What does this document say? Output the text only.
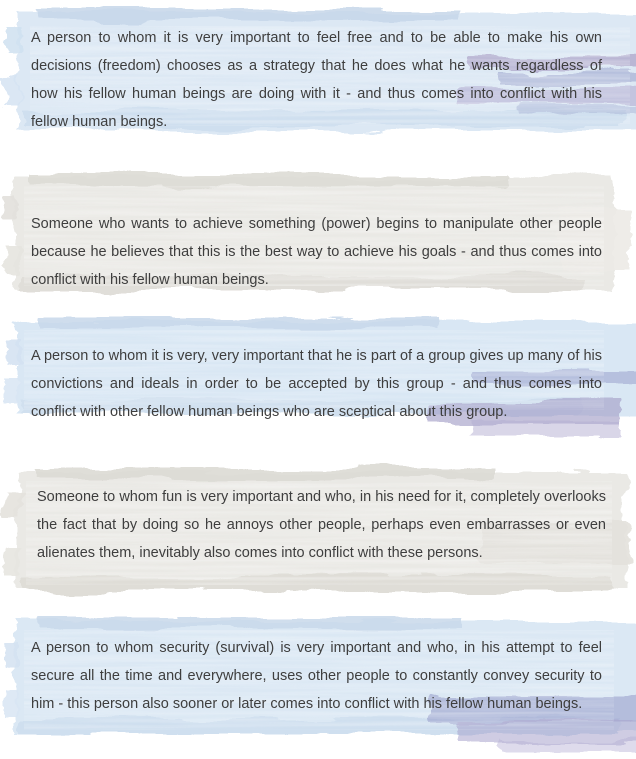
A person to whom it is very important to feel free and to be able to make his own decisions (freedom) chooses as a strategy that he does what he wants regardless of how his fellow human beings are doing with it - and thus comes into conflict with his fellow human beings.

Someone who wants to achieve something (power) begins to manipulate other people because he believes that this is the best way to achieve his goals - and thus comes into conflict with his fellow human beings.

A person to whom it is very, very important that he is part of a group gives up many of his convictions and ideals in order to be accepted by this group - and thus comes into conflict with other fellow human beings who are sceptical about this group.

Someone to whom fun is very important and who, in his need for it, completely overlooks the fact that by doing so he annoys other people, perhaps even embarrasses or even alienates them, inevitably also comes into conflict with these persons.

A person to whom security (survival) is very important and who, in his attempt to feel secure all the time and everywhere, uses other people to constantly convey security to him - this person also sooner or later comes into conflict with his fellow human beings.
